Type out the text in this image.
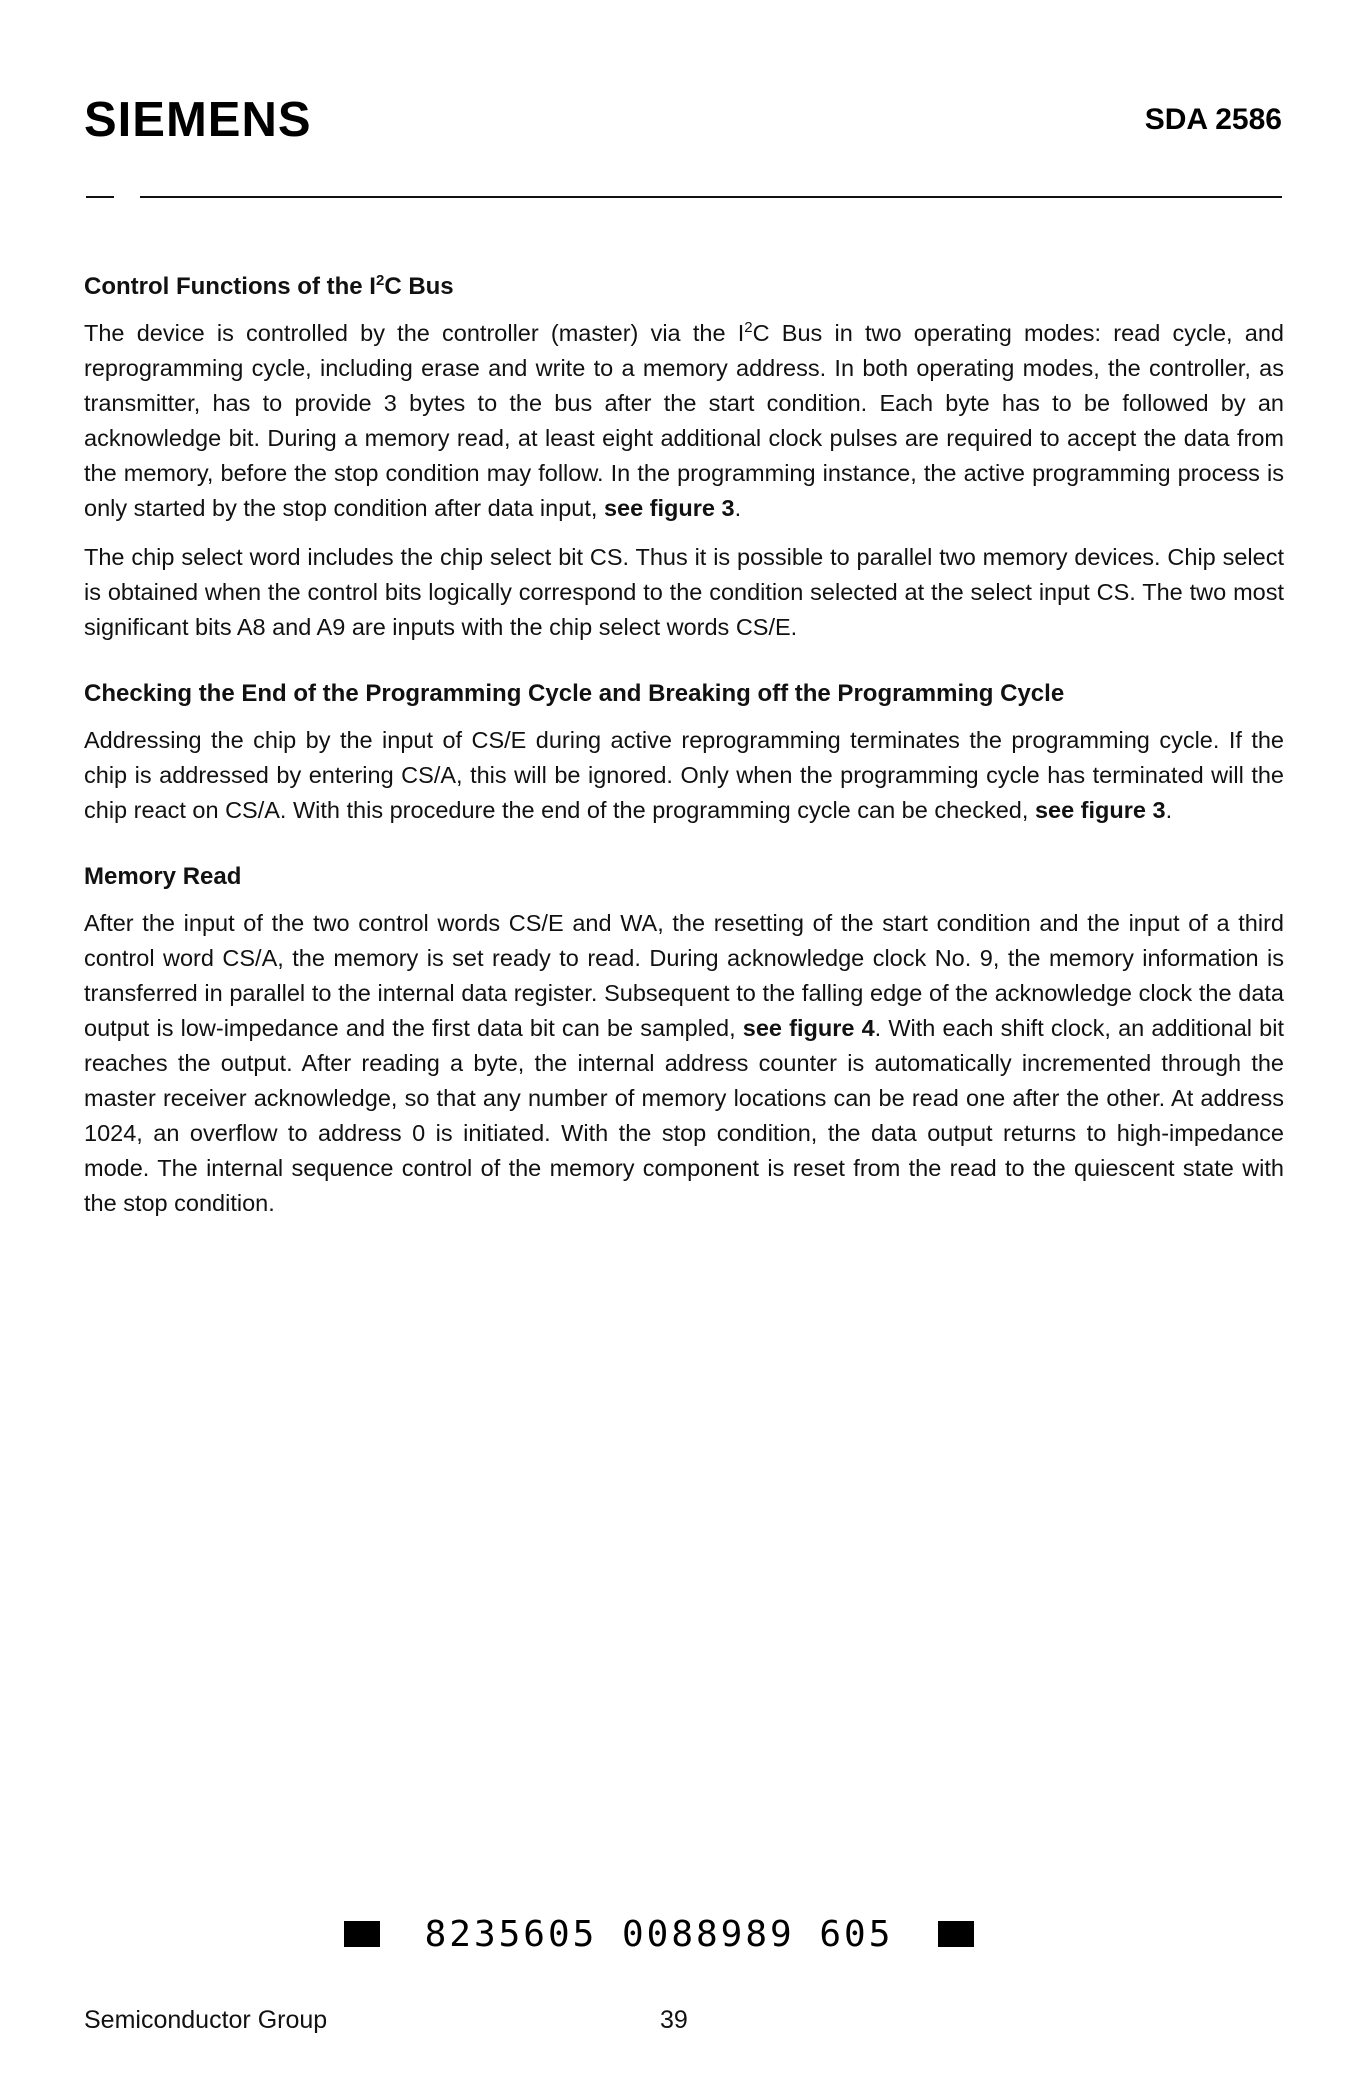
SIEMENS	SDA 2586
Control Functions of the $I^2C$ Bus

The device is controlled by the controller (master) via the $I^2C$ Bus in two operating modes: read cycle, and reprogramming cycle, including erase and write to a memory address. In both operating modes, the controller, as transmitter, has to provide 3 bytes to the bus after the start condition. Each byte has to be followed by an acknowledge bit. During a memory read, at least eight additional clock pulses are required to accept the data from the memory, before the stop condition may follow. In the programming instance, the active programming process is only started by the stop condition after data input, see figure 3.

The chip select word includes the chip select bit CS. Thus it is possible to parallel two memory devices. Chip select is obtained when the control bits logically correspond to the condition selected at the select input CS. The two most significant bits A8 and A9 are inputs with the chip select words CS/E.

Checking the End of the Programming Cycle and Breaking off the Programming Cycle

Addressing the chip by the input of CS/E during active reprogramming terminates the programming cycle. If the chip is addressed by entering CS/A, this will be ignored. Only when the programming cycle has terminated will the chip react on CS/A. With this procedure the end of the programming cycle can be checked, see figure 3.

Memory Read

After the input of the two control words CS/E and WA, the resetting of the start condition and the input of a third control word CS/A, the memory is set ready to read. During acknowledge clock No. 9, the memory information is transferred in parallel to the internal data register. Subsequent to the falling edge of the acknowledge clock the data output is low-impedance and the first data bit can be sampled, see figure 4. With each shift clock, an additional bit reaches the output. After reading a byte, the internal address counter is automatically incremented through the master receiver acknowledge, so that any number of memory locations can be read one after the other. At address 1024, an overflow to address 0 is initiated. With the stop condition, the data output returns to high-impedance mode. The internal sequence control of the memory component is reset from the read to the quiescent state with the stop condition.

8235605 0088989 605
Semiconductor Group	39
